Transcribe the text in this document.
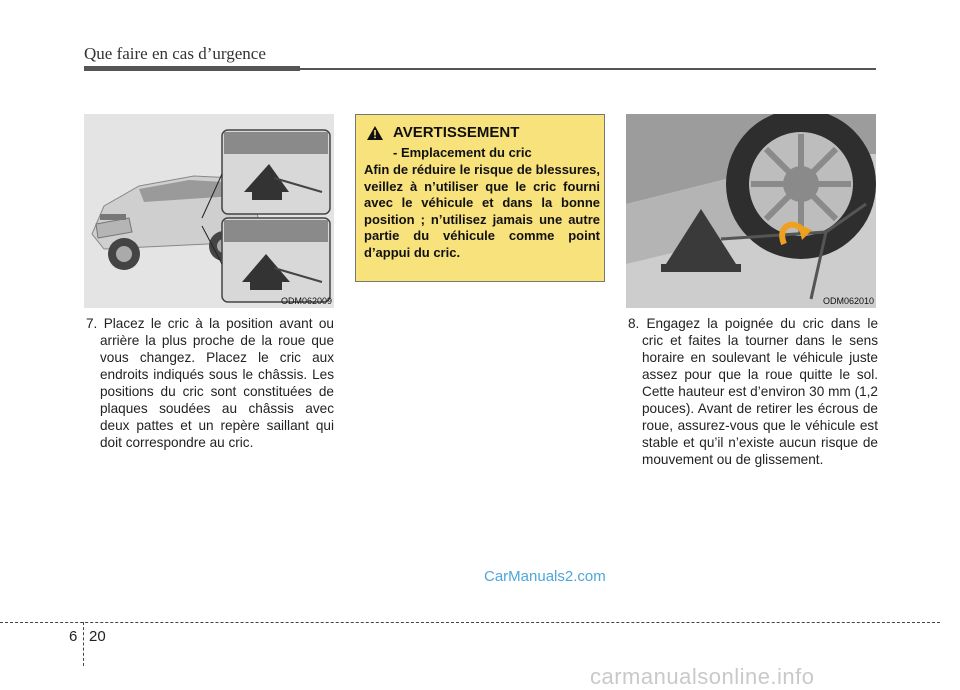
Que faire en cas d’urgence
ODM062009
7. Placez le cric à la position avant ou arrière la plus proche de la roue que vous changez. Placez le cric aux endroits indiqués sous le châssis. Les positions du cric sont constituées de plaques soudées au châssis avec deux pattes et un repère saillant qui doit correspondre au cric.
AVERTISSEMENT
- Emplacement du cric
Afin de réduire le risque de blessures, veillez à n’utiliser que le cric fourni avec le véhicule et dans la bonne position ; n’utilisez jamais une autre partie du véhicule comme point d’appui du cric.
ODM062010
8. Engagez la poignée du cric dans le cric et faites la tourner dans le sens horaire en soulevant le véhicule juste assez pour que la roue quitte le sol. Cette hauteur est d’environ 30 mm (1,2 pouces). Avant de retirer les écrous de roue, assurez-vous que le véhicule est stable et qu’il n’existe aucun risque de mouvement ou de glissement.
CarManuals2.com
6 20
carmanualsonline.info
